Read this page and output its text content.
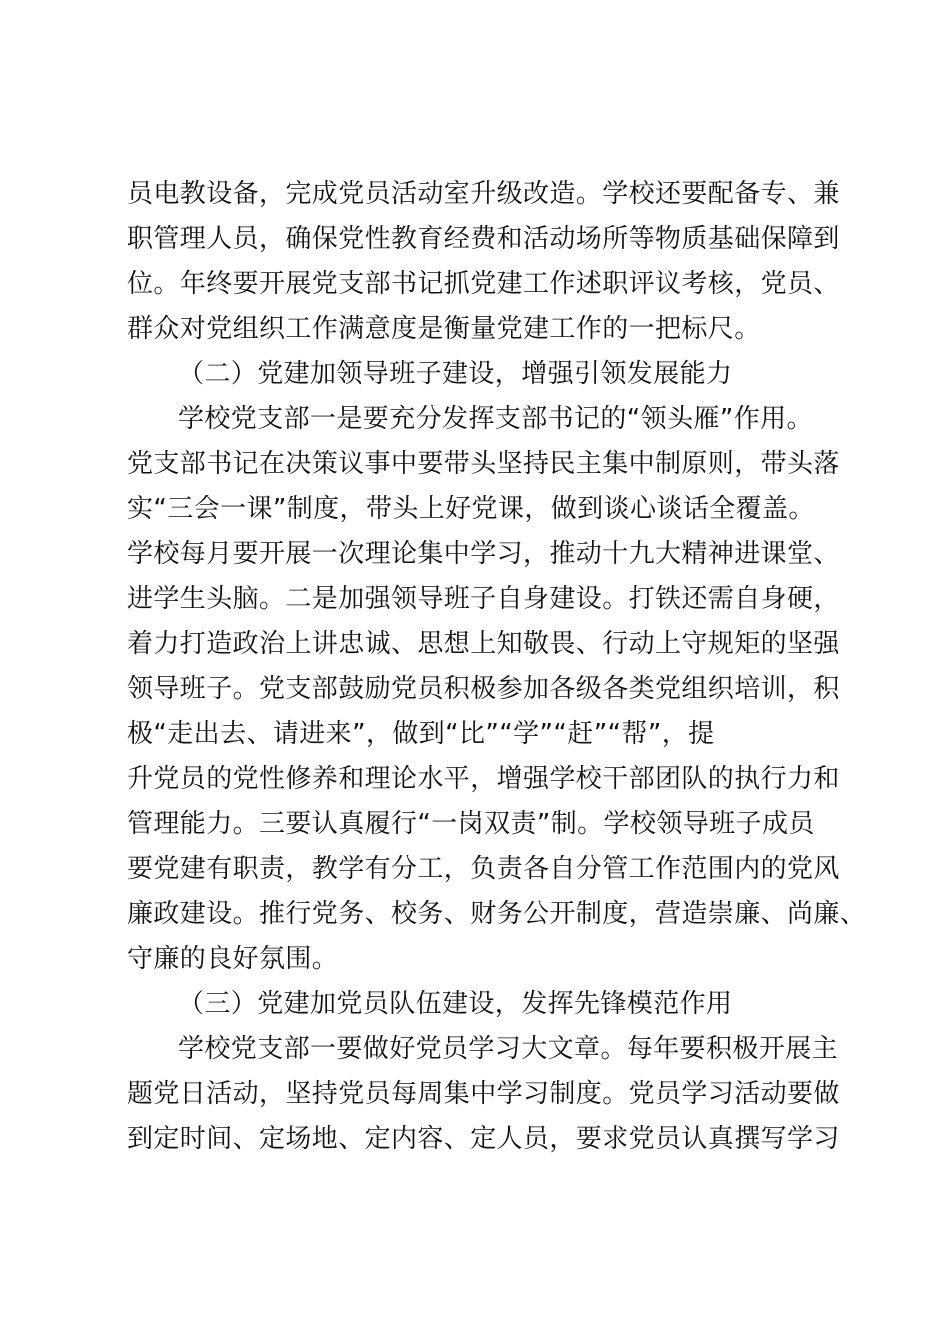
员电教设备，完成党员活动室升级改造。学校还要配备专、兼
职管理人员，确保党性教育经费和活动场所等物质基础保障到
位。年终要开展党支部书记抓党建工作述职评议考核，党员、
群众对党组织工作满意度是衡量党建工作的一把标尺。
（二）党建加领导班子建设，增强引领发展能力
学校党支部一是要充分发挥支部书记的“领头雁”作用。
党支部书记在决策议事中要带头坚持民主集中制原则，带头落
实“三会一课”制度，带头上好党课，做到谈心谈话全覆盖。
学校每月要开展一次理论集中学习，推动十九大精神进课堂、
进学生头脑。二是加强领导班子自身建设。打铁还需自身硬，
着力打造政治上讲忠诚、思想上知敬畏、行动上守规矩的坚强
领导班子。党支部鼓励党员积极参加各级各类党组织培训，积
极“走出去、请进来”，做到“比”“学”“赶”“帮”，提
升党员的党性修养和理论水平，增强学校干部团队的执行力和
管理能力。三要认真履行“一岗双责”制。学校领导班子成员
要党建有职责，教学有分工，负责各自分管工作范围内的党风
廉政建设。推行党务、校务、财务公开制度，营造崇廉、尚廉、
守廉的良好氛围。
（三）党建加党员队伍建设，发挥先锋模范作用
学校党支部一要做好党员学习大文章。每年要积极开展主
题党日活动，坚持党员每周集中学习制度。党员学习活动要做
到定时间、定场地、定内容、定人员，要求党员认真撰写学习
